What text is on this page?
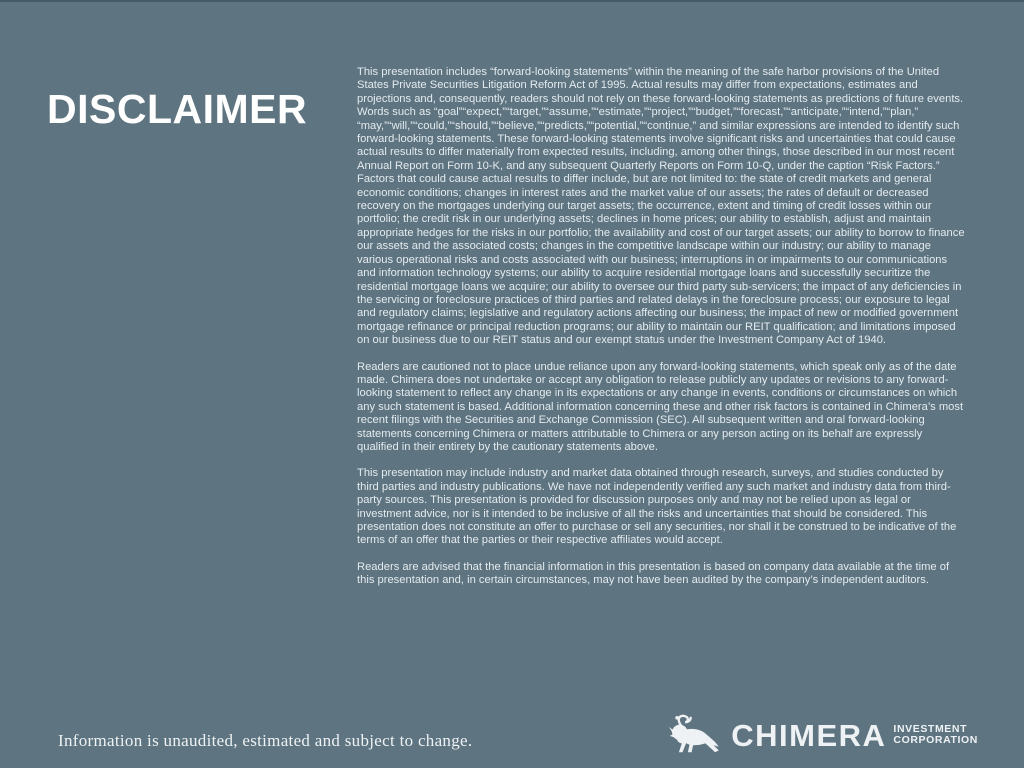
DISCLAIMER

This presentation includes “forward-looking statements” within the meaning of the safe harbor provisions of the United States Private Securities Litigation Reform Act of 1995. Actual results may differ from expectations, estimates and projections and, consequently, readers should not rely on these forward-looking statements as predictions of future events. Words such as “goal”“expect,”“target,”“assume,”“estimate,”“project,”“budget,”“forecast,”“anticipate,”“intend,”“plan,” “may,”“will,”“could,”“should,”“believe,”“predicts,”“potential,”“continue,” and similar expressions are intended to identify such forward-looking statements. These forward-looking statements involve significant risks and uncertainties that could cause actual results to differ materially from expected results, including, among other things, those described in our most recent Annual Report on Form 10-K, and any subsequent Quarterly Reports on Form 10-Q, under the caption “Risk Factors.” Factors that could cause actual results to differ include, but are not limited to: the state of credit markets and general economic conditions; changes in interest rates and the market value of our assets; the rates of default or decreased recovery on the mortgages underlying our target assets; the occurrence, extent and timing of credit losses within our portfolio; the credit risk in our underlying assets; declines in home prices; our ability to establish, adjust and maintain appropriate hedges for the risks in our portfolio; the availability and cost of our target assets; our ability to borrow to finance our assets and the associated costs; changes in the competitive landscape within our industry; our ability to manage various operational risks and costs associated with our business; interruptions in or impairments to our communications and information technology systems; our ability to acquire residential mortgage loans and successfully securitize the residential mortgage loans we acquire; our ability to oversee our third party sub-servicers; the impact of any deficiencies in the servicing or foreclosure practices of third parties and related delays in the foreclosure process; our exposure to legal and regulatory claims; legislative and regulatory actions affecting our business; the impact of new or modified government mortgage refinance or principal reduction programs; our ability to maintain our REIT qualification; and limitations imposed on our business due to our REIT status and our exempt status under the Investment Company Act of 1940.

Readers are cautioned not to place undue reliance upon any forward-looking statements, which speak only as of the date made. Chimera does not undertake or accept any obligation to release publicly any updates or revisions to any forward-looking statement to reflect any change in its expectations or any change in events, conditions or circumstances on which any such statement is based. Additional information concerning these and other risk factors is contained in Chimera’s most recent filings with the Securities and Exchange Commission (SEC). All subsequent written and oral forward-looking statements concerning Chimera or matters attributable to Chimera or any person acting on its behalf are expressly qualified in their entirety by the cautionary statements above.

This presentation may include industry and market data obtained through research, surveys, and studies conducted by third parties and industry publications. We have not independently verified any such market and industry data from third-party sources. This presentation is provided for discussion purposes only and may not be relied upon as legal or investment advice, nor is it intended to be inclusive of all the risks and uncertainties that should be considered. This presentation does not constitute an offer to purchase or sell any securities, nor shall it be construed to be indicative of the terms of an offer that the parties or their respective affiliates would accept.

Readers are advised that the financial information in this presentation is based on company data available at the time of this presentation and, in certain circumstances, may not have been audited by the company’s independent auditors.

Information is unaudited, estimated and subject to change.	CHIMERA INVESTMENT
CORPORATION
